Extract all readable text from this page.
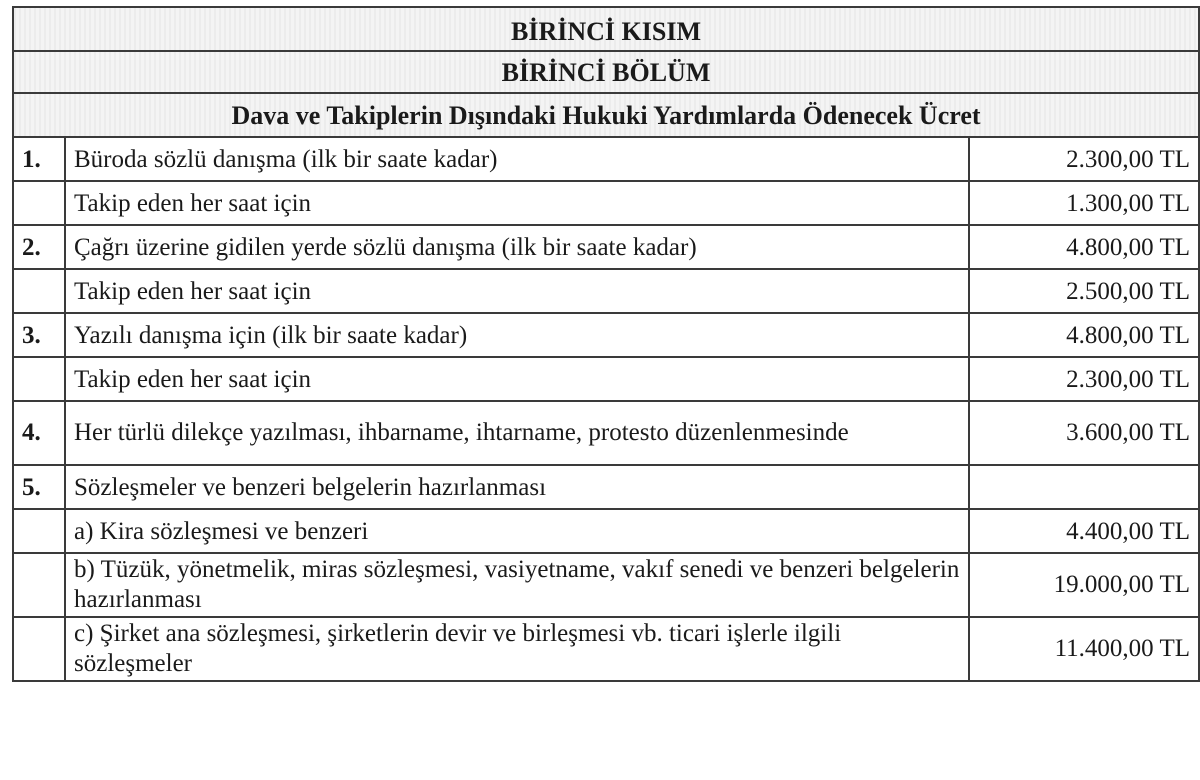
BİRİNCİ KISIM		
BİRİNCİ BÖLÜM		
Dava ve Takiplerin Dışındaki Hukuki Yardımlarda Ödenecek Ücret		
1.	Büroda sözlü danışma (ilk bir saate kadar)	2.300,00 TL
	Takip eden her saat için	1.300,00 TL
2.	Çağrı üzerine gidilen yerde sözlü danışma (ilk bir saate kadar)	4.800,00 TL
	Takip eden her saat için	2.500,00 TL
3.	Yazılı danışma için (ilk bir saate kadar)	4.800,00 TL
	Takip eden her saat için	2.300,00 TL
4.	Her türlü dilekçe yazılması, ihbarname, ihtarname, protesto düzenlenmesinde	3.600,00 TL
5.	Sözleşmeler ve benzeri belgelerin hazırlanması	
	a) Kira sözleşmesi ve benzeri	4.400,00 TL
	b) Tüzük, yönetmelik, miras sözleşmesi, vasiyetname, vakıf senedi ve benzeri belgelerin hazırlanması	19.000,00 TL
	c) Şirket ana sözleşmesi, şirketlerin devir ve birleşmesi vb. ticari işlerle ilgili sözleşmeler	11.400,00 TL
